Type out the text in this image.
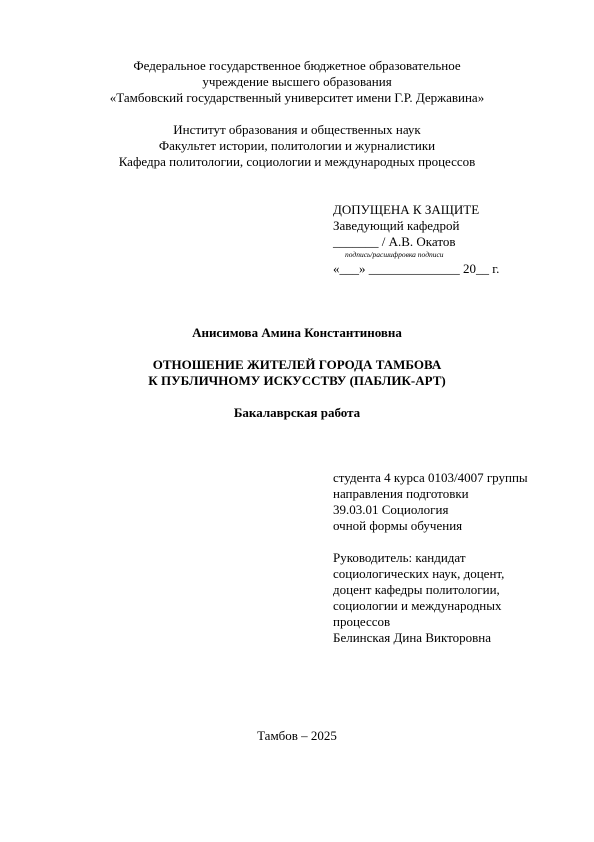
Федеральное государственное бюджетное образовательное
учреждение высшего образования
«Тамбовский государственный университет имени Г.Р. Державина»
Институт образования и общественных наук
Факультет истории, политологии и журналистики
Кафедра политологии, социологии и международных процессов
ДОПУЩЕНА К ЗАЩИТЕ
Заведующий кафедрой
_______ / А.В. Окатов
подпись/расшифровка подписи
«___» ______________ 20__ г.
Анисимова Амина Константиновна
ОТНОШЕНИЕ ЖИТЕЛЕЙ ГОРОДА ТАМБОВА
К ПУБЛИЧНОМУ ИСКУССТВУ (ПАБЛИК-АРТ)
Бакалаврская работа
студента 4 курса 0103/4007 группы
направления подготовки
39.03.01 Социология
очной формы обучения
Руководитель: кандидат
социологических наук, доцент,
доцент кафедры политологии,
социологии и международных
процессов
Белинская Дина Викторовна
Тамбов – 2025
